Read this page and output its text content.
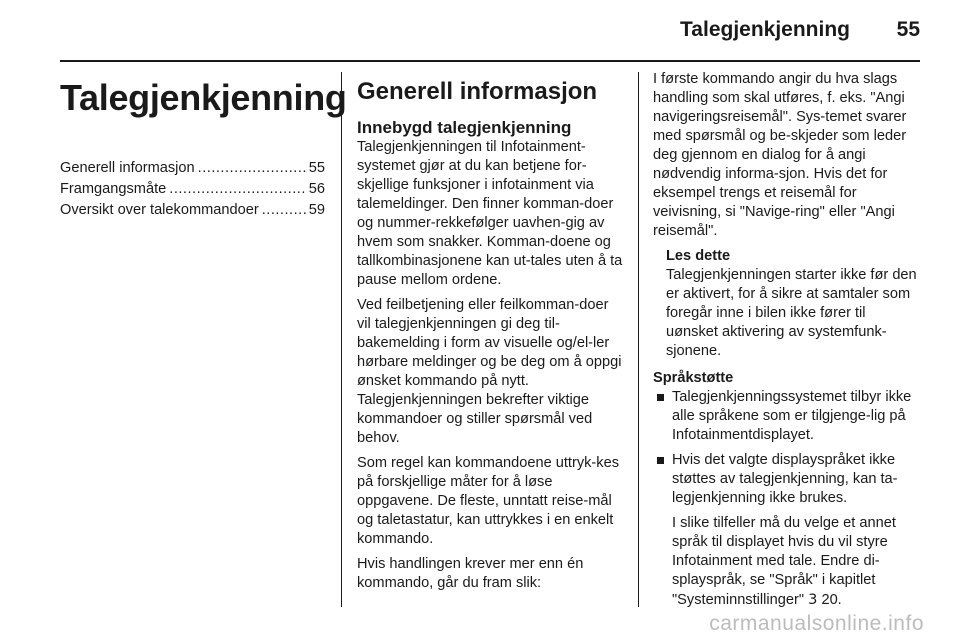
Talegjenkjenning 55
Talegjenkjenning
Generell informasjon .....	55
Framgangsmåte .....	56
Oversikt over talekommandoer .....	59
Generell informasjon
Innebygd talegjenkjenning

Talegjenkjenningen til Infotainment-systemet gjør at du kan betjene for-skjellige funksjoner i infotainment via talemeldinger. Den finner komman-doer og nummer-rekkefølger uavhen-gig av hvem som snakker. Komman-doene og tallkombinasjonene kan ut-tales uten å ta pause mellom ordene.

Ved feilbetjening eller feilkomman-doer vil talegjenkjenningen gi deg til-bakemelding i form av visuelle og/el-ler hørbare meldinger og be deg om å oppgi ønsket kommando på nytt. Talegjenkjenningen bekrefter viktige kommandoer og stiller spørsmål ved behov.

Som regel kan kommandoene uttryk-kes på forskjellige måter for å løse oppgavene. De fleste, unntatt reise-mål og taletastatur, kan uttrykkes i en enkelt kommando.

Hvis handlingen krever mer enn én kommando, går du fram slik:

I første kommando angir du hva slags handling som skal utføres, f. eks. "Angi navigeringsreisemål". Sys-temet svarer med spørsmål og be-skjeder som leder deg gjennom en dialog for å angi nødvendig informa-sjon. Hvis det for eksempel trengs et reisemål for veivisning, si "Navige-ring" eller "Angi reisemål".

Les dette
Talegjenkjenningen starter ikke før den er aktivert, for å sikre at samtaler som foregår inne i bilen ikke fører til uønsket aktivering av systemfunk-sjonene.
Språkstøtte
Talegjenkjenningssystemet tilbyr ikke alle språkene som er tilgjenge-lig på Infotainmentdisplayet.
Hvis det valgte displayspråket ikke støttes av talegjenkjenning, kan ta-legjenkjenning ikke brukes.

I slike tilfeller må du velge et annet språk til displayet hvis du vil styre Infotainment med tale. Endre di-splayspråk, se "Språk" i kapitlet "Systeminnstillinger" 3 20.

carmanualsonline.info
